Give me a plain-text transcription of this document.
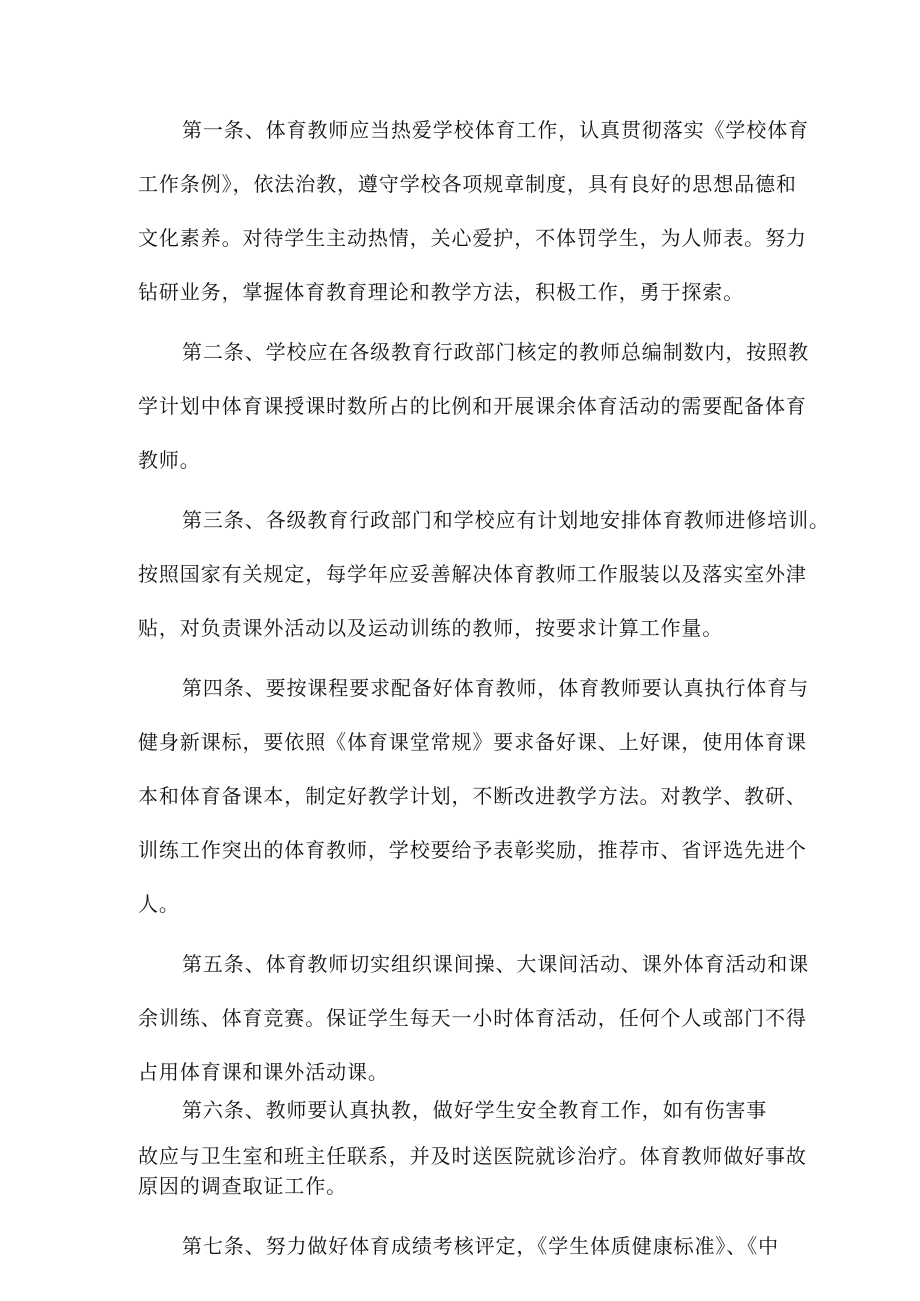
第一条、体育教师应当热爱学校体育工作，认真贯彻落实《学校体育
工作条例》，依法治教，遵守学校各项规章制度，具有良好的思想品德和
文化素养。对待学生主动热情，关心爱护，不体罚学生，为人师表。努力
钻研业务，掌握体育教育理论和教学方法，积极工作，勇于探索。
第二条、学校应在各级教育行政部门核定的教师总编制数内，按照教
学计划中体育课授课时数所占的比例和开展课余体育活动的需要配备体育
教师。
第三条、各级教育行政部门和学校应有计划地安排体育教师进修培训。
按照国家有关规定，每学年应妥善解决体育教师工作服装以及落实室外津
贴，对负责课外活动以及运动训练的教师，按要求计算工作量。
第四条、要按课程要求配备好体育教师，体育教师要认真执行体育与
健身新课标，要依照《体育课堂常规》要求备好课、上好课，使用体育课
本和体育备课本，制定好教学计划，不断改进教学方法。对教学、教研、
训练工作突出的体育教师，学校要给予表彰奖励，推荐市、省评选先进个
人。
第五条、体育教师切实组织课间操、大课间活动、课外体育活动和课
余训练、体育竞赛。保证学生每天一小时体育活动，任何个人或部门不得
占用体育课和课外活动课。
第六条、教师要认真执教，做好学生安全教育工作，如有伤害事
故应与卫生室和班主任联系，并及时送医院就诊治疗。体育教师做好事故
原因的调查取证工作。
第七条、努力做好体育成绩考核评定，《学生体质健康标准》、《中
